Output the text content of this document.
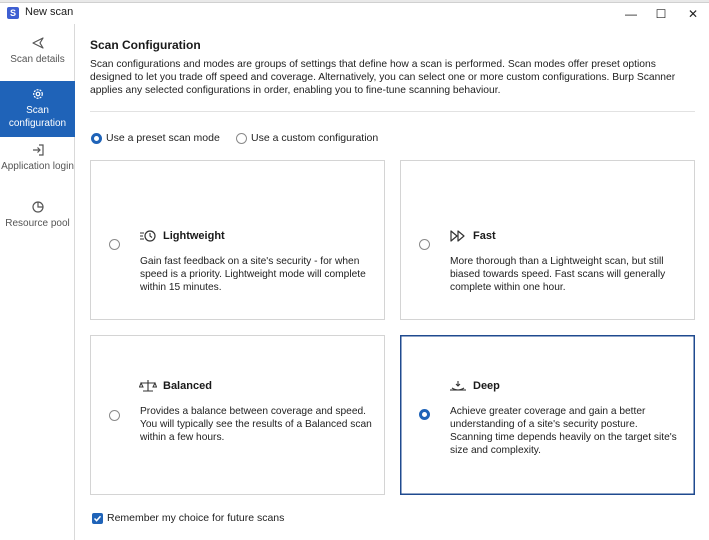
S New scan	—	☐	✕
Scan details
Scan configuration
Application login
Resource pool
Scan Configuration
Scan configurations and modes are groups of settings that define how a scan is performed. Scan modes offer preset options designed to let you trade off speed and coverage. Alternatively, you can select one or more custom configurations. Burp Scanner applies any selected configurations in order, enabling you to fine-tune scanning behaviour.
Use a preset scan mode	Use a custom configuration
Lightweight
Gain fast feedback on a site's security - for when speed is a priority. Lightweight mode will complete within 15 minutes.
Fast
More thorough than a Lightweight scan, but still biased towards speed. Fast scans will generally complete within one hour.
Balanced
Provides a balance between coverage and speed. You will typically see the results of a Balanced scan within a few hours.
Deep
Achieve greater coverage and gain a better understanding of a site's security posture. Scanning time depends heavily on the target site's size and complexity.
Remember my choice for future scans
